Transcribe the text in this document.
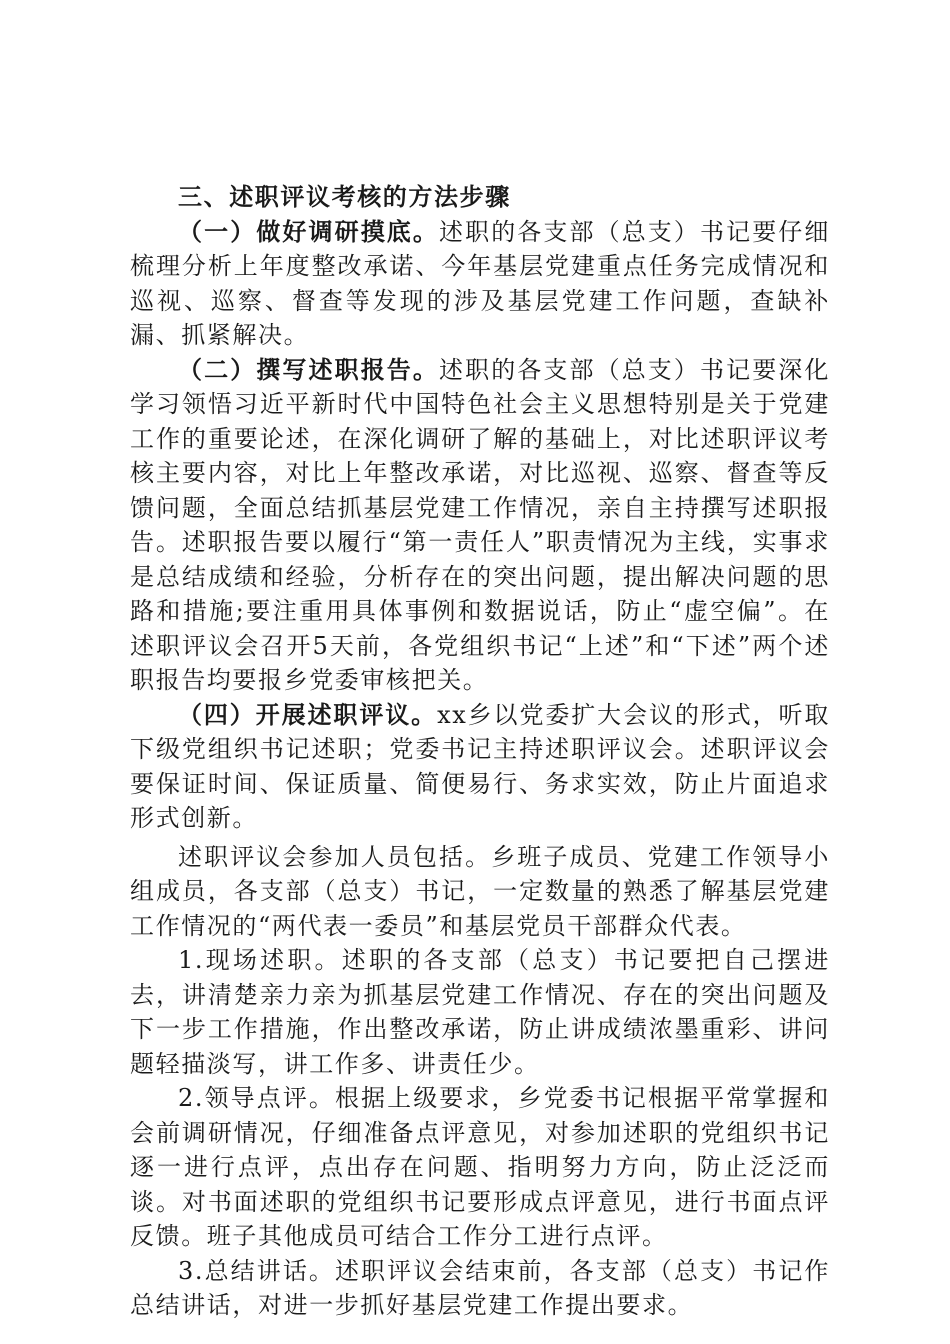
三、述职评议考核的方法步骤

（一）做好调研摸底。述职的各支部（总支）书记要仔细梳理分析上年度整改承诺、今年基层党建重点任务完成情况和巡视、巡察、督查等发现的涉及基层党建工作问题，查缺补漏、抓紧解决。

（二）撰写述职报告。述职的各支部（总支）书记要深化学习领悟习近平新时代中国特色社会主义思想特别是关于党建工作的重要论述，在深化调研了解的基础上，对比述职评议考核主要内容，对比上年整改承诺，对比巡视、巡察、督查等反馈问题，全面总结抓基层党建工作情况，亲自主持撰写述职报告。述职报告要以履行“第一责任人”职责情况为主线，实事求是总结成绩和经验，分析存在的突出问题，提出解决问题的思路和措施;要注重用具体事例和数据说话，防止“虚空偏”。在述职评议会召开5天前，各党组织书记“上述”和“下述”两个述职报告均要报乡党委审核把关。

（四）开展述职评议。xx乡以党委扩大会议的形式，听取下级党组织书记述职；党委书记主持述职评议会。述职评议会要保证时间、保证质量、简便易行、务求实效，防止片面追求形式创新。

述职评议会参加人员包括。乡班子成员、党建工作领导小组成员，各支部（总支）书记，一定数量的熟悉了解基层党建工作情况的“两代表一委员”和基层党员干部群众代表。

1.现场述职。述职的各支部（总支）书记要把自己摆进去，讲清楚亲力亲为抓基层党建工作情况、存在的突出问题及下一步工作措施，作出整改承诺，防止讲成绩浓墨重彩、讲问题轻描淡写，讲工作多、讲责任少。

2.领导点评。根据上级要求，乡党委书记根据平常掌握和会前调研情况，仔细准备点评意见，对参加述职的党组织书记逐一进行点评，点出存在问题、指明努力方向，防止泛泛而谈。对书面述职的党组织书记要形成点评意见，进行书面点评反馈。班子其他成员可结合工作分工进行点评。

3.总结讲话。述职评议会结束前，各支部（总支）书记作总结讲话，对进一步抓好基层党建工作提出要求。
